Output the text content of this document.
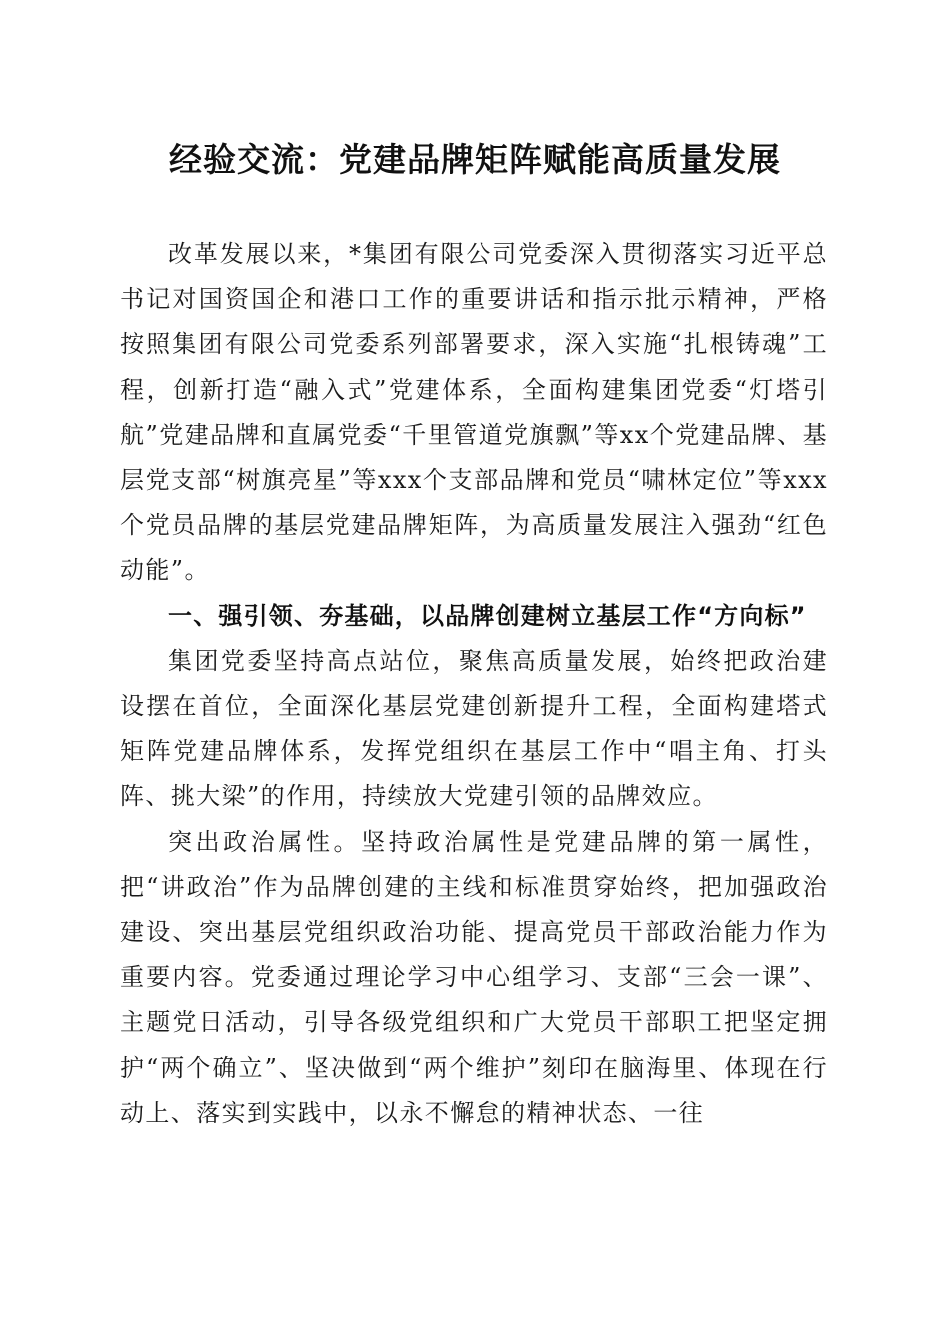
经验交流：党建品牌矩阵赋能高质量发展

改革发展以来，*集团有限公司党委深入贯彻落实习近平总书记对国资国企和港口工作的重要讲话和指示批示精神，严格按照集团有限公司党委系列部署要求，深入实施“扎根铸魂”工程，创新打造“融入式”党建体系，全面构建集团党委“灯塔引航”党建品牌和直属党委“千里管道党旗飘”等xx个党建品牌、基层党支部“树旗亮星”等xxx个支部品牌和党员“啸林定位”等xxx个党员品牌的基层党建品牌矩阵，为高质量发展注入强劲“红色动能”。

一、强引领、夯基础，以品牌创建树立基层工作“方向标”

集团党委坚持高点站位，聚焦高质量发展，始终把政治建设摆在首位，全面深化基层党建创新提升工程，全面构建塔式矩阵党建品牌体系，发挥党组织在基层工作中“唱主角、打头阵、挑大梁”的作用，持续放大党建引领的品牌效应。

突出政治属性。坚持政治属性是党建品牌的第一属性，把“讲政治”作为品牌创建的主线和标准贯穿始终，把加强政治建设、突出基层党组织政治功能、提高党员干部政治能力作为重要内容。党委通过理论学习中心组学习、支部“三会一课”、主题党日活动，引导各级党组织和广大党员干部职工把坚定拥护“两个确立”、坚决做到“两个维护”刻印在脑海里、体现在行动上、落实到实践中，以永不懈怠的精神状态、一往
